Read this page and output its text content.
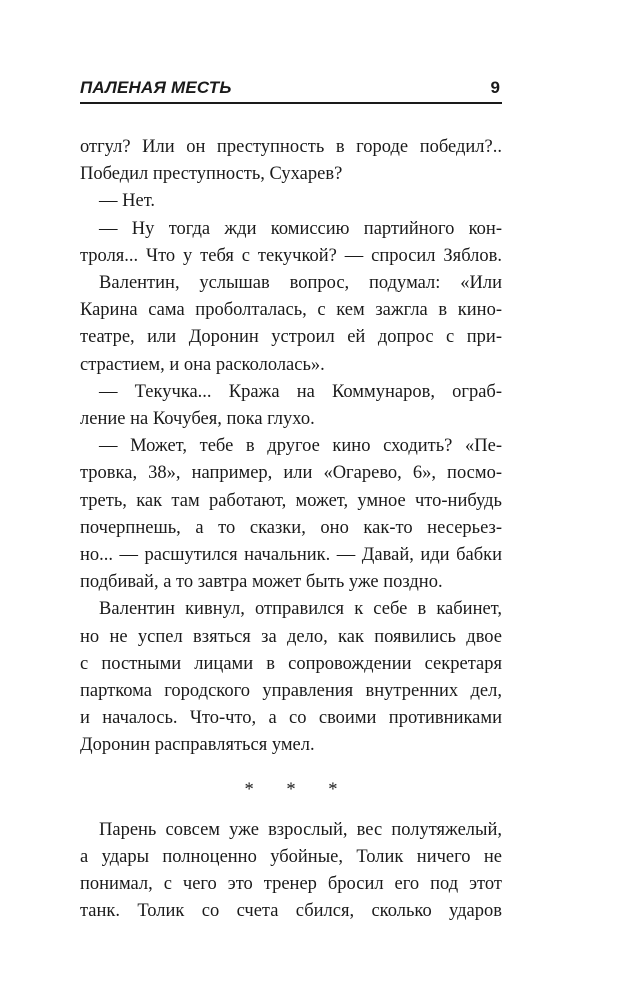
ПАЛЕНАЯ МЕСТЬ	9
отгул? Или он преступность в городе победил?..
Победил преступность, Сухарев?
— Нет.
— Ну тогда жди комиссию партийного кон-
троля... Что у тебя с текучкой? — спросил Зяблов.
Валентин, услышав вопрос, подумал: «Или
Карина сама проболталась, с кем зажгла в кино-
театре, или Доронин устроил ей допрос с при-
страстием, и она раскололась».
— Текучка... Кража на Коммунаров, ограб-
ление на Кочубея, пока глухо.
— Может, тебе в другое кино сходить? «Пе-
тровка, 38», например, или «Огарево, 6», посмо-
треть, как там работают, может, умное что-нибудь
почерпнешь, а то сказки, оно как-то несерьез-
но... — расшутился начальник. — Давай, иди бабки
подбивай, а то завтра может быть уже поздно.
Валентин кивнул, отправился к себе в кабинет,
но не успел взяться за дело, как появились двое
с постными лицами в сопровождении секретаря
парткома городского управления внутренних дел,
и началось. Что-что, а со своими противниками
Доронин расправляться умел.
* * *
Парень совсем уже взрослый, вес полутяжелый,
а удары полноценно убойные, Толик ничего не
понимал, с чего это тренер бросил его под этот
танк. Толик со счета сбился, сколько ударов
